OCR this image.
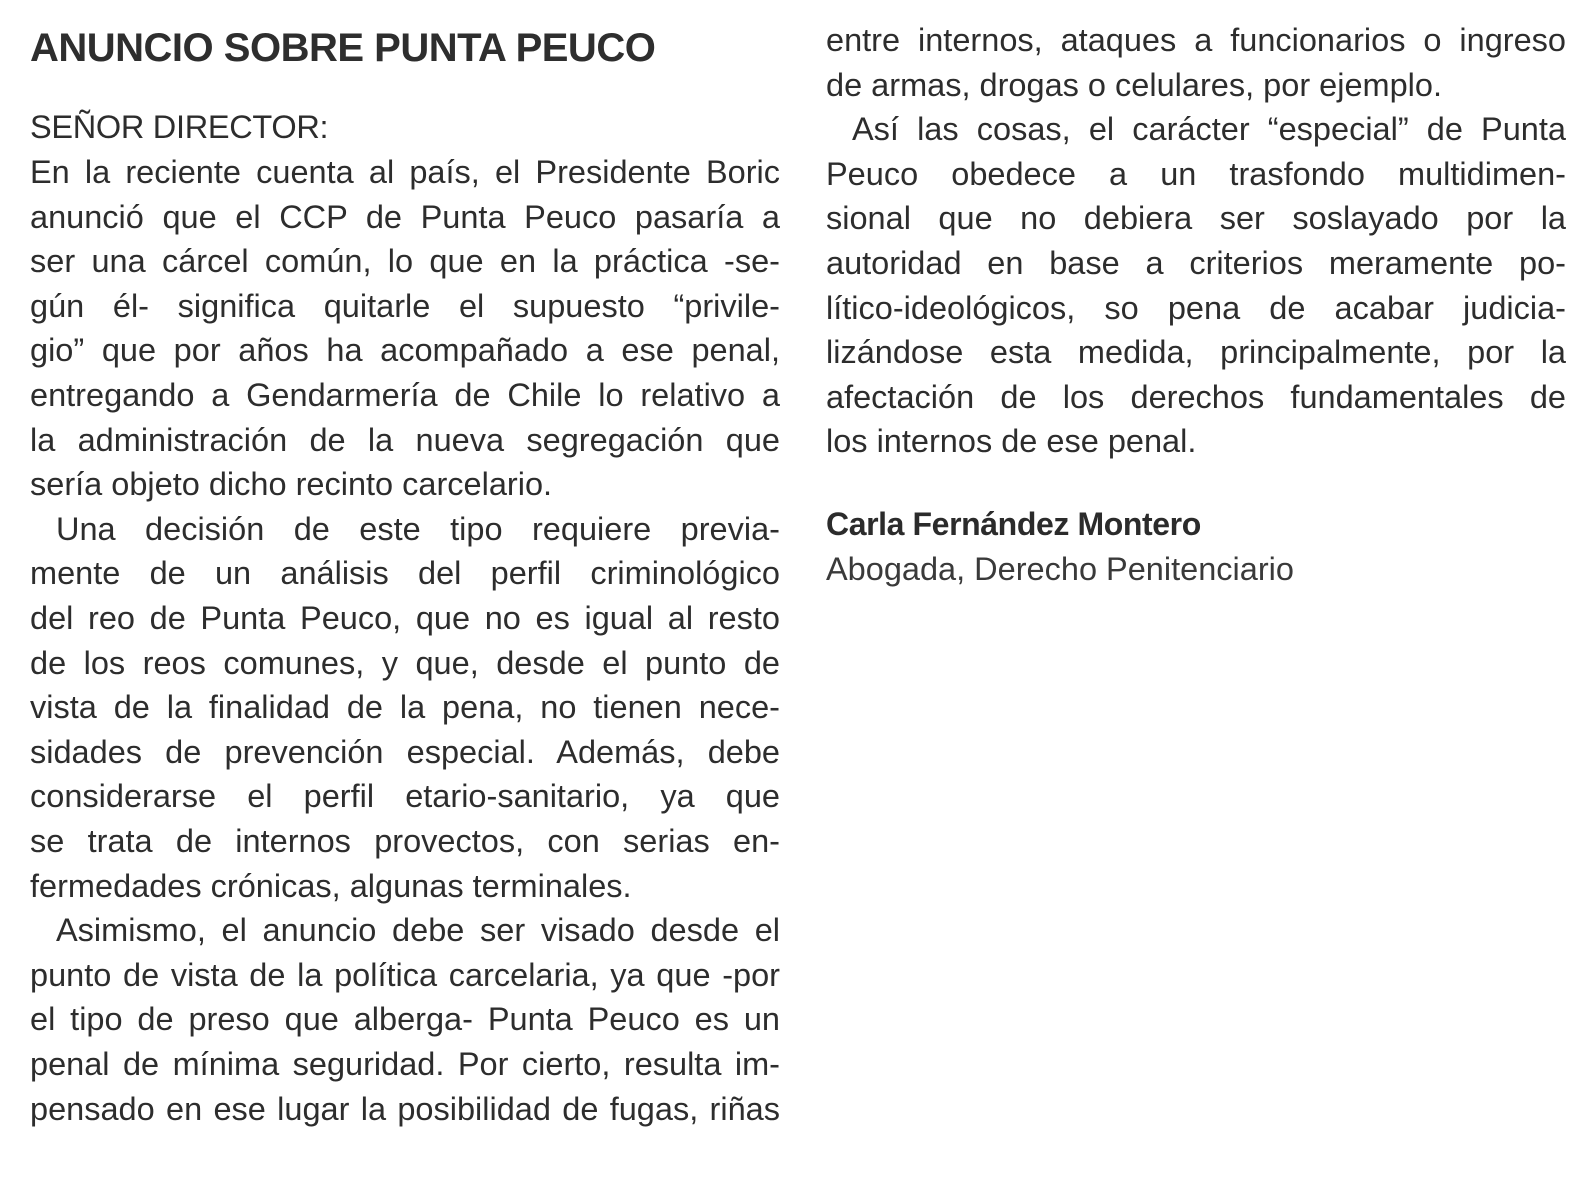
ANUNCIO SOBRE PUNTA PEUCO
SEÑOR DIRECTOR:
En la reciente cuenta al país, el Presidente Boric
anunció que el CCP de Punta Peuco pasaría a
ser una cárcel común, lo que en la práctica -se-
gún él- significa quitarle el supuesto “privile-
gio” que por años ha acompañado a ese penal,
entregando a Gendarmería de Chile lo relativo a
la administración de la nueva segregación que
sería objeto dicho recinto carcelario.
Una decisión de este tipo requiere previa-
mente de un análisis del perfil criminológico
del reo de Punta Peuco, que no es igual al resto
de los reos comunes, y que, desde el punto de
vista de la finalidad de la pena, no tienen nece-
sidades de prevención especial. Además, debe
considerarse el perfil etario-sanitario, ya que
se trata de internos provectos, con serias en-
fermedades crónicas, algunas terminales.
Asimismo, el anuncio debe ser visado desde el
punto de vista de la política carcelaria, ya que -por
el tipo de preso que alberga- Punta Peuco es un
penal de mínima seguridad. Por cierto, resulta im-
pensado en ese lugar la posibilidad de fugas, riñas
entre internos, ataques a funcionarios o ingreso
de armas, drogas o celulares, por ejemplo.
Así las cosas, el carácter “especial” de Punta
Peuco obedece a un trasfondo multidimen-
sional que no debiera ser soslayado por la
autoridad en base a criterios meramente po-
lítico-ideológicos, so pena de acabar judicia-
lizándose esta medida, principalmente, por la
afectación de los derechos fundamentales de
los internos de ese penal.
Carla Fernández Montero
Abogada, Derecho Penitenciario
